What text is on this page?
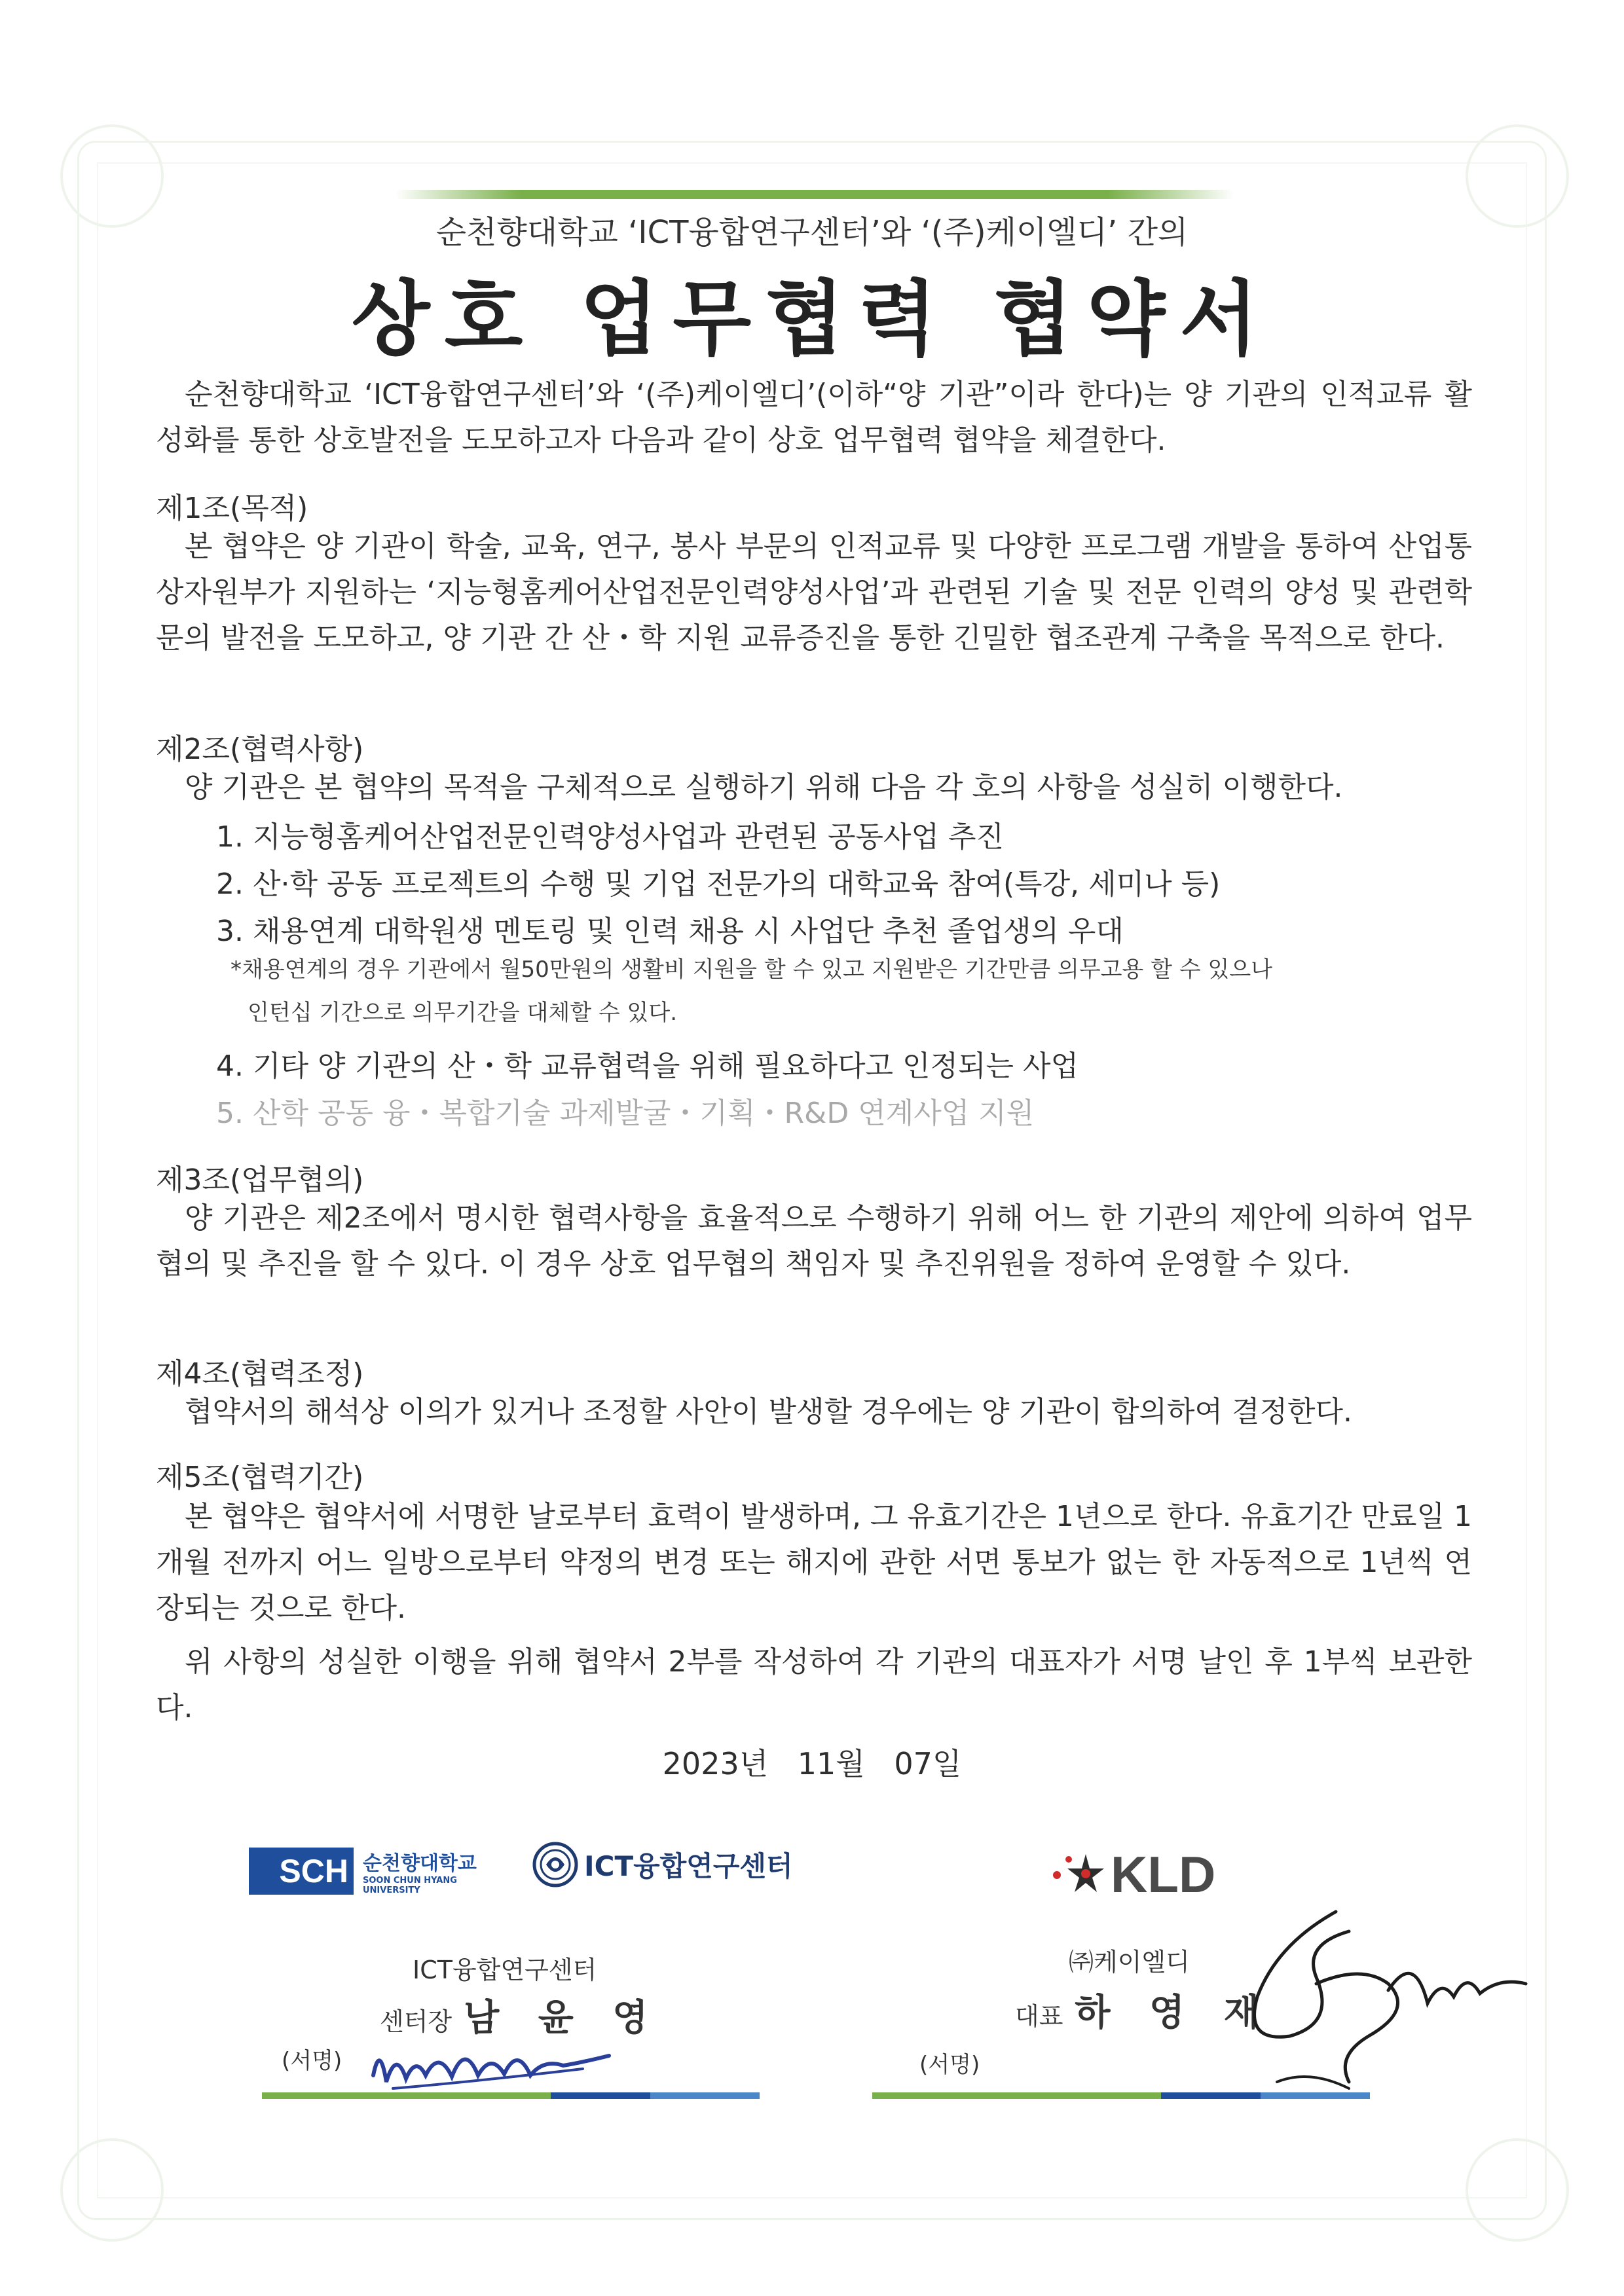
순천향대학교 ‘ICT융합연구센터’와 ‘(주)케이엘디’ 간의
상호 업무협력 협약서
순천향대학교 ‘ICT융합연구센터’와 ‘(주)케이엘디’(이하“양 기관”이라 한다)는 양 기관의 인적교류 활성화를 통한 상호발전을 도모하고자 다음과 같이 상호 업무협력 협약을 체결한다.
제1조(목적)
본 협약은 양 기관이 학술, 교육, 연구, 봉사 부문의 인적교류 및 다양한 프로그램 개발을 통하여 산업통상자원부가 지원하는 ‘지능형홈케어산업전문인력양성사업’과 관련된 기술 및 전문 인력의 양성 및 관련학문의 발전을 도모하고, 양 기관 간 산・학 지원 교류증진을 통한 긴밀한 협조관계 구축을 목적으로 한다.
제2조(협력사항)
양 기관은 본 협약의 목적을 구체적으로 실행하기 위해 다음 각 호의 사항을 성실히 이행한다.
1. 지능형홈케어산업전문인력양성사업과 관련된 공동사업 추진
2. 산·학 공동 프로젝트의 수행 및 기업 전문가의 대학교육 참여(특강, 세미나 등)
3. 채용연계 대학원생 멘토링 및 인력 채용 시 사업단 추천 졸업생의 우대
*채용연계의 경우 기관에서 월50만원의 생활비 지원을 할 수 있고 지원받은 기간만큼 의무고용 할 수 있으나
인턴십 기간으로 의무기간을 대체할 수 있다.
4. 기타 양 기관의 산・학 교류협력을 위해 필요하다고 인정되는 사업
5. 산학 공동 융・복합기술 과제발굴・기획・R&D 연계사업 지원
제3조(업무협의)
양 기관은 제2조에서 명시한 협력사항을 효율적으로 수행하기 위해 어느 한 기관의 제안에 의하여 업무협의 및 추진을 할 수 있다. 이 경우 상호 업무협의 책임자 및 추진위원을 정하여 운영할 수 있다.
제4조(협력조정)
협약서의 해석상 이의가 있거나 조정할 사안이 발생할 경우에는 양 기관이 합의하여 결정한다.
제5조(협력기간)
본 협약은 협약서에 서명한 날로부터 효력이 발생하며, 그 유효기간은 1년으로 한다. 유효기간 만료일 1개월 전까지 어느 일방으로부터 약정의 변경 또는 해지에 관한 서면 통보가 없는 한 자동적으로 1년씩 연장되는 것으로 한다.
위 사항의 성실한 이행을 위해 협약서 2부를 작성하여 각 기관의 대표자가 서명 날인 후 1부씩 보관한다.
2023년 11월 07일
SCH 순천향대학교
SOON CHUN HYANG
UNIVERSITY
ICT융합연구센터	KLD
ICT융합연구센터
센터장 남 윤 영
(서명)
㈜케이엘디
대표 하 영 재
(서명)
